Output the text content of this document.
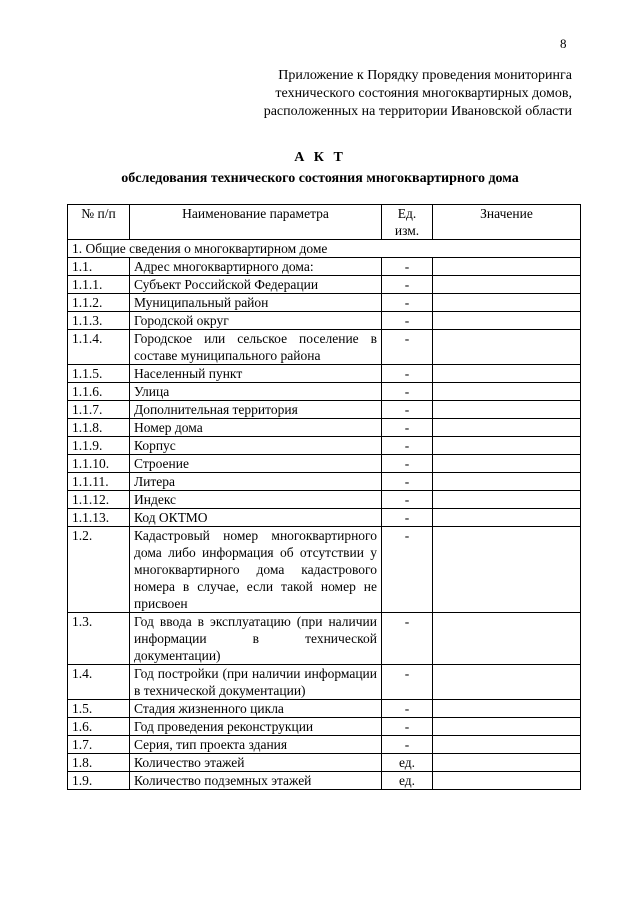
8
Приложение к Порядку проведения мониторинга
технического состояния многоквартирных домов,
расположенных на территории Ивановской области
А К Т
обследования технического состояния многоквартирного дома
№ п/п	Наименование параметра	Ед. изм.	Значение
1. Общие сведения о многоквартирном доме			
1.1.	Адрес многоквартирного дома:	-	
1.1.1.	Субъект Российской Федерации	-	
1.1.2.	Муниципальный район	-	
1.1.3.	Городской округ	-	
1.1.4.	Городское или сельское поселение в составе муниципального района	-	
1.1.5.	Населенный пункт	-	
1.1.6.	Улица	-	
1.1.7.	Дополнительная территория	-	
1.1.8.	Номер дома	-	
1.1.9.	Корпус	-	
1.1.10.	Строение	-	
1.1.11.	Литера	-	
1.1.12.	Индекс	-	
1.1.13.	Код ОКТМО	-	
1.2.	Кадастровый номер многоквартирного дома либо информация об отсутствии у многоквартирного дома кадастрового номера в случае, если такой номер не присвоен	-	
1.3.	Год ввода в эксплуатацию (при наличии информации в технической документации)	-	
1.4.	Год постройки (при наличии информации в технической документации)	-	
1.5.	Стадия жизненного цикла	-	
1.6.	Год проведения реконструкции	-	
1.7.	Серия, тип проекта здания	-	
1.8.	Количество этажей	ед.	
1.9.	Количество подземных этажей	ед.	
